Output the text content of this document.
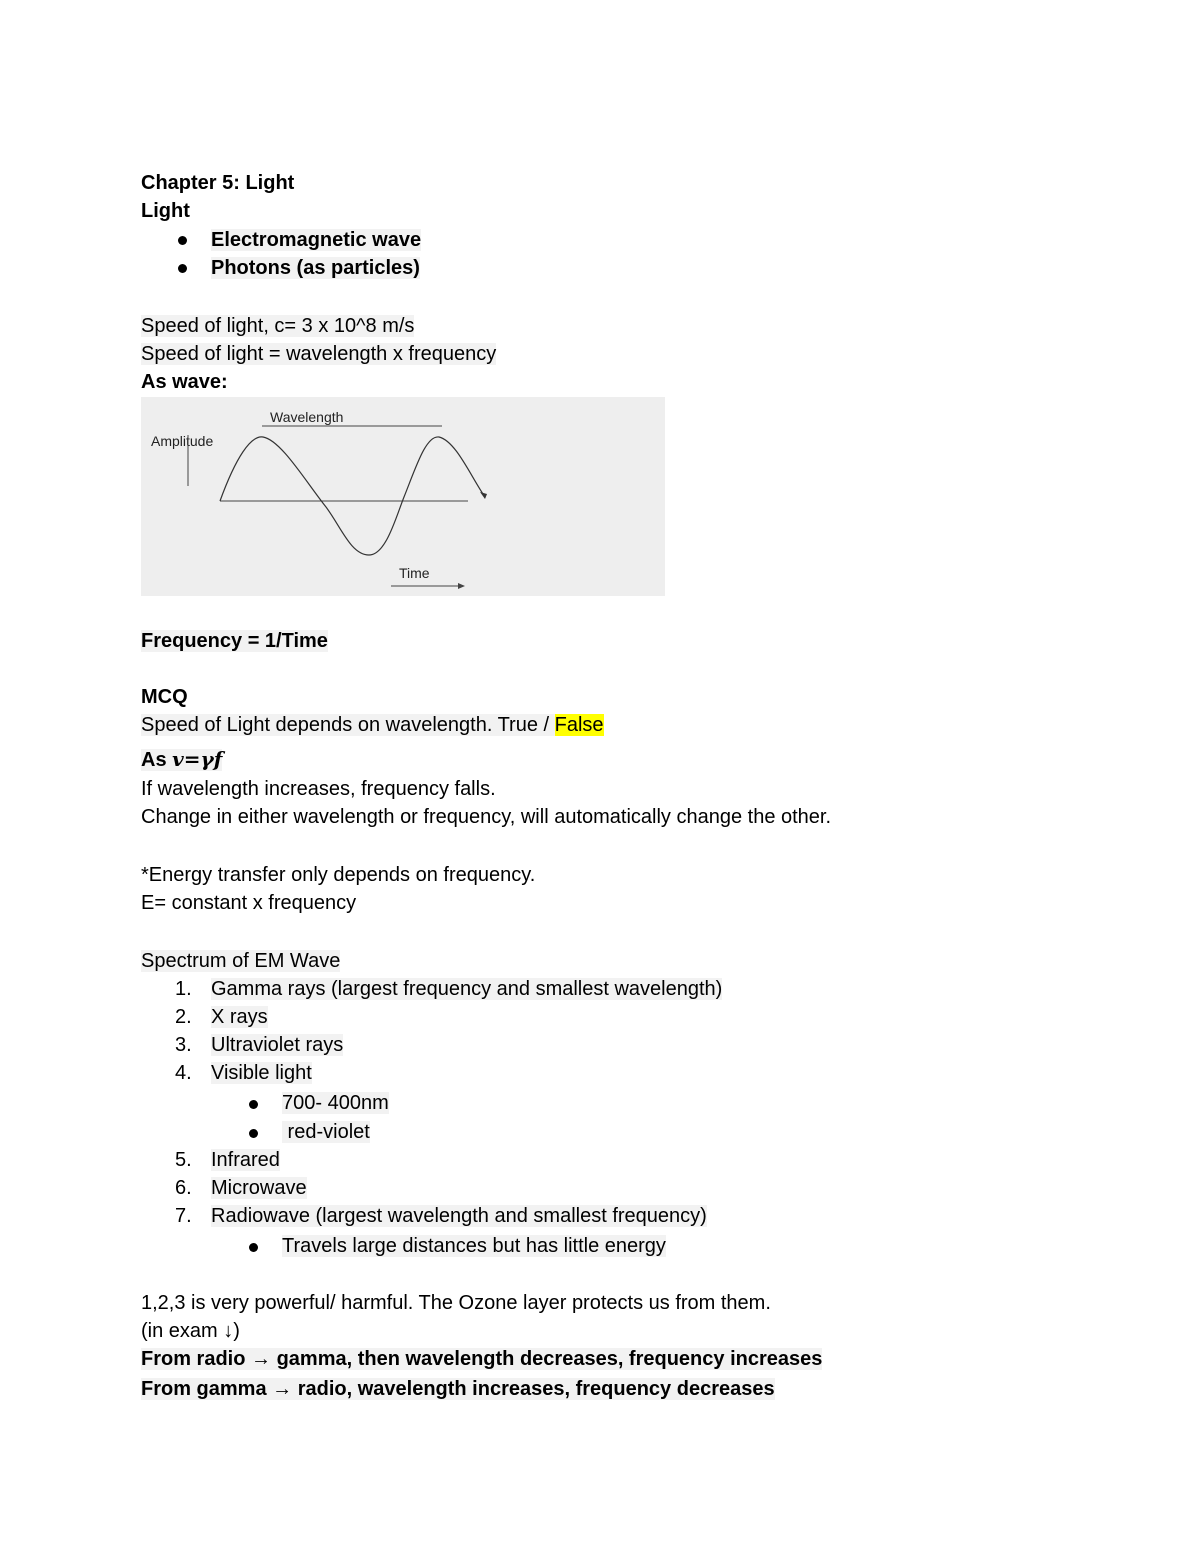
Chapter 5: Light
Light
Electromagnetic wave
Photons (as particles)
Speed of light, c= 3 x 10^8 m/s
Speed of light = wavelength x frequency
As wave:
Wavelength
Amplitude
Time
Frequency = 1/Time
MCQ
Speed of Light depends on wavelength. True / False
As v=γf
If wavelength increases, frequency falls.
Change in either wavelength or frequency, will automatically change the other.
*Energy transfer only depends on frequency.
E= constant x frequency
Spectrum of EM Wave
1. Gamma rays (largest frequency and smallest wavelength)
2. X rays
3. Ultraviolet rays
4. Visible light
700- 400nm
red-violet
5. Infrared
6. Microwave
7. Radiowave (largest wavelength and smallest frequency)
Travels large distances but has little energy
1,2,3 is very powerful/ harmful. The Ozone layer protects us from them.
(in exam ↓)
From radio → gamma, then wavelength decreases, frequency increases
From gamma → radio, wavelength increases, frequency decreases
